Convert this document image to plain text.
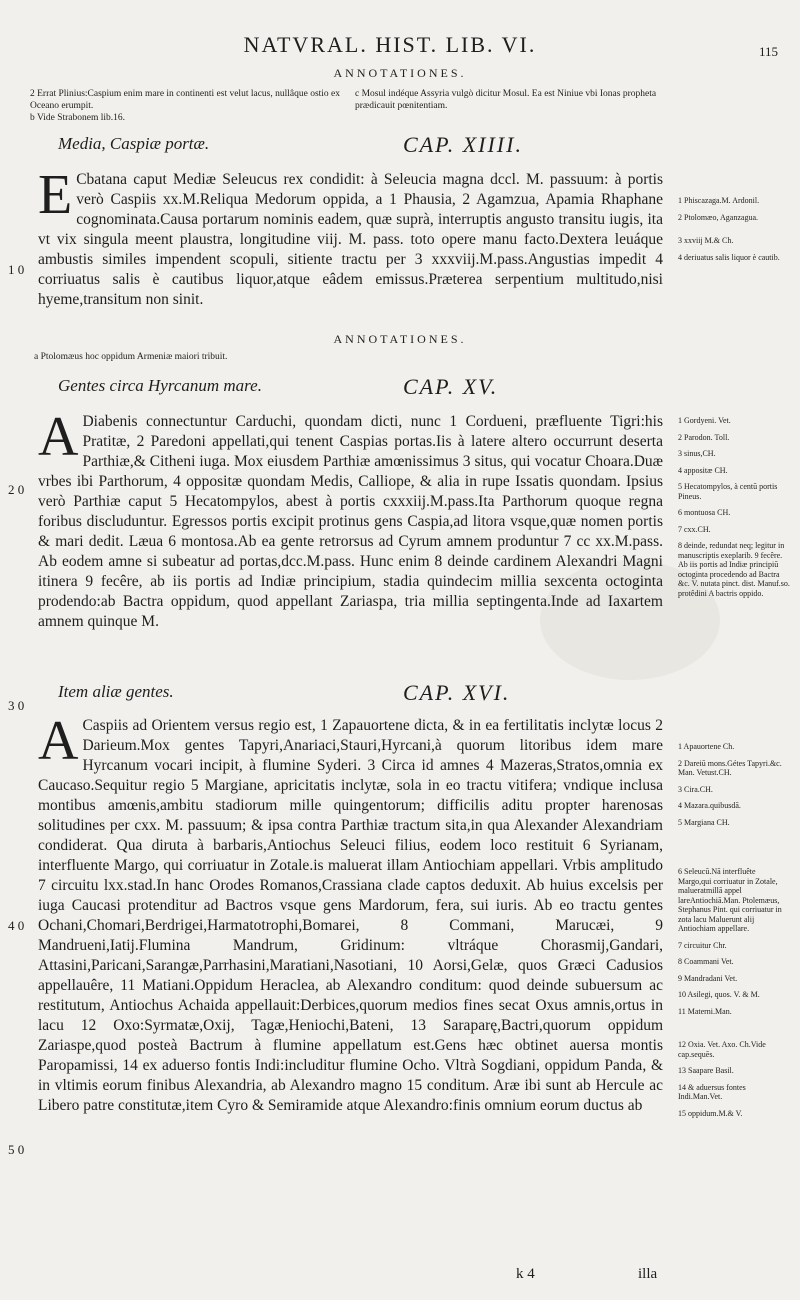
NATVRAL. HIST. LIB. VI.	115
ANNOTATIONES.
2 Errat Plinius:Caspium enim mare in continenti est velut lacus, nullâque ostio ex Oceano erumpit.
b Vide Strabonem lib.16.
c Mosul indéque Assyria vulgò dicitur Mosul. Ea est Niniue vbi Ionas propheta prædicauit pœnitentiam.
Media, Caspiæ portæ.	CAP. XIIII.
E Cbatana caput Mediæ Seleucus rex condidit: à Seleucia magna dccl. M. passuum: à portis verò Caspiis xx.M.Reliqua Medorum oppida, a 1 Phausia, 2 Agamzua, Apamia Rhaphane cognominata.Causa portarum nominis eadem, quæ suprà, interruptis angusto transitu iugis, ita vt vix singula meent plaustra, longitudine viij. M. pass. toto opere manu facto.Dextera leuáque ambustis similes impendent scopuli, sitiente tractu per 3 xxxviij.M.pass.Angustias impedit 4 corriuatus salis è cautibus liquor,atque eâdem emissus.Præterea serpentium multitudo,nisi hyeme,transitum non sinit.
ANNOTATIONES.
a Ptolomæus hoc oppidum Armeniæ maiori tribuit.
Gentes circa Hyrcanum mare.	CAP. XV.
A Diabenis connectuntur Carduchi, quondam dicti, nunc 1 Cordueni, præfluente Tigri:his Pratitæ, 2 Paredoni appellati,qui tenent Caspias portas.Iis à latere altero occurrunt deserta Parthiæ,& Citheni iuga. Mox eiusdem Parthiæ amœnissimus 3 situs, qui vocatur Choara.Duæ vrbes ibi Parthorum, 4 oppositæ quondam Medis, Calliope, & alia in rupe Issatis quondam. Ipsius verò Parthiæ caput 5 Hecatompylos, abest à portis cxxxiij.M.pass.Ita Parthorum quoque regna foribus discluduntur. Egressos portis excipit protinus gens Caspia,ad litora vsque,quæ nomen portis & mari dedit. Læua 6 montosa.Ab ea gente retrorsus ad Cyrum amnem produntur 7 cc xx.M.pass. Ab eodem amne si subeatur ad portas,dcc.M.pass. Hunc enim 8 deinde cardinem Alexandri Magni itinera 9 fecêre, ab iis portis ad Indiæ principium, stadia quindecim millia sexcenta octoginta prodendo:ab Bactra oppidum, quod appellant Zariaspa, tria millia septingenta.Inde ad Iaxartem amnem quinque M.
Item aliæ gentes.	CAP. XVI.
A Caspiis ad Orientem versus regio est, 1 Zapauortene dicta, & in ea fertilitatis inclytæ locus 2 Darieum.Mox gentes Tapyri,Anariaci,Stauri,Hyrcani,à quorum litoribus idem mare Hyrcanum vocari incipit, à flumine Syderi. 3 Circa id amnes 4 Mazeras,Stratos,omnia ex Caucaso.Sequitur regio 5 Margiane, apricitatis inclytæ, sola in eo tractu vitifera; vndique inclusa montibus amœnis,ambitu stadiorum mille quingentorum; difficilis aditu propter harenosas solitudines per cxx. M. passuum; & ipsa contra Parthiæ tractum sita,in qua Alexander Alexandriam condiderat. Qua diruta à barbaris,Antiochus Seleuci filius, eodem loco restituit 6 Syrianam, interfluente Margo, qui corriuatur in Zotale.is maluerat illam Antiochiam appellari. Vrbis amplitudo 7 circuitu lxx.stad.In hanc Orodes Romanos,Crassiana clade captos deduxit. Ab huius excelsis per iuga Caucasi protenditur ad Bactros vsque gens Mardorum, fera, sui iuris. Ab eo tractu gentes Ochani,Chomari,Berdrigei,Harmatotrophi,Bomarei, 8 Commani, Marucæi, 9 Mandrueni,Iatij.Flumina Mandrum, Gridinum: vltráque Chorasmij,Gandari, Attasini,Paricani,Sarangæ,Parrhasini,Maratiani,Nasotiani, 10 Aorsi,Gelæ, quos Græci Cadusios appellauêre, 11 Matiani.Oppidum Heraclea, ab Alexandro conditum: quod deinde subuersum ac restitutum, Antiochus Achaida appellauit:Derbices,quorum medios fines secat Oxus amnis,ortus in lacu 12 Oxo:Syrmatæ,Oxij, Tagæ,Heniochi,Bateni, 13 Saraparę,Bactri,quorum oppidum Zariaspe,quod posteà Bactrum à flumine appellatum est.Gens hæc obtinet auersa montis Paropamissi, 14 ex aduerso fontis Indi:includitur flumine Ocho. Vltrà Sogdiani, oppidum Panda, & in vltimis eorum finibus Alexandria, ab Alexandro magno 15 conditum. Aræ ibi sunt ab Hercule ac Libero patre constitutæ,item Cyro & Semiramide atque Alexandro:finis omnium eorum ductus ab
1 0
2 0
3 0
4 0
5 0
1 Phiscazaga.M. Ardonil.
2 Ptolomæo, Aganzagua.
3 xxviij M.& Ch.
4 deriuatus salis liquor è cautib.
1 Gordyeni. Vet.
2 Parodon. Toll.
3 sinus,CH.
4 appositæ CH.
5 Hecatompylos, à centū portis Pineus.
6 montuosa CH.
7 cxx.CH.
8 deinde, redundat neq; legitur in manuscriptis exeplarib. 9 fecêre. Ab iis portis ad Indiæ principiū octoginta procedendo ad Bactra &c. V. nutata pinct. dist. Manuf.so. protêdini A bactris oppido.
1 Apauortene Ch.
2 Dareiū mons.Gétes Tapyri.&c. Man. Vetust.CH.
3 Cira.CH.
4 Mazara.quibusdā.
5 Margiana CH.
6 Seleucū.Nā interfluête Margo,qui corriuatur in Zotale, malueratmillā appel lareAntiochiā.Man. Ptolemæus, Stephanus Pint. qui corriuatur in zota lacu Maluerunt alij Antiochiam appellare.
7 circuitur Chr.
8 Coammani Vet.
9 Mandradani Vet.
10 Asilegi, quos. V. & M.
11 Materni.Man.
12 Oxia. Vet. Axo. Ch.Vide cap.sequēs.
13 Saapare Basil.
14 & aduersus fontes Indi.Man.Vet.
15 oppidum.M.& V.
k 4	illa
